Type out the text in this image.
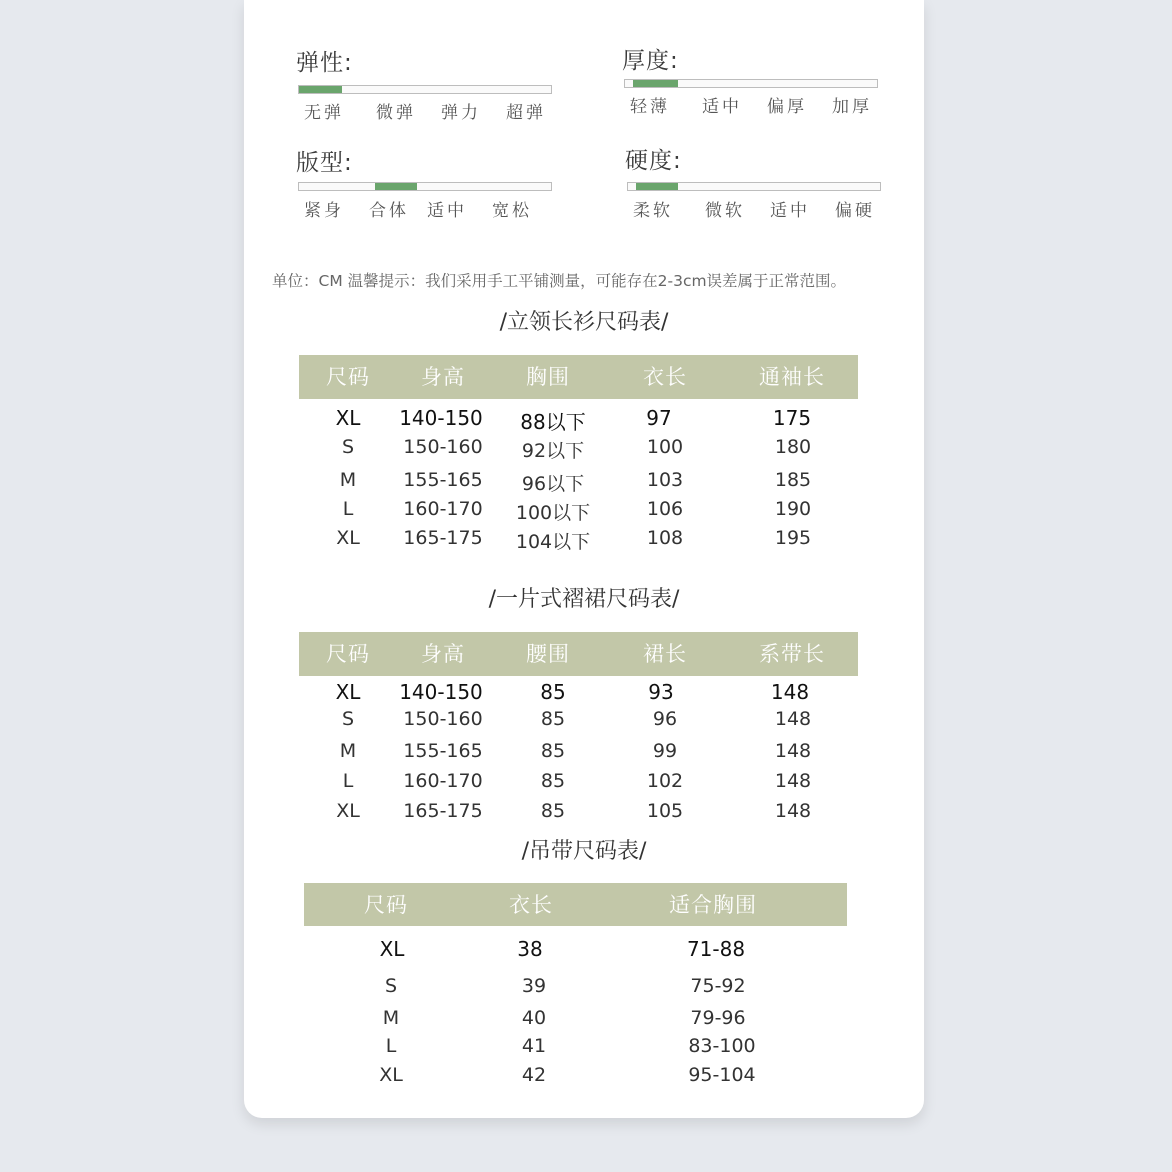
弹性:
无弹 微弹 弹力 超弹
厚度:
轻薄 适中 偏厚 加厚
版型:
紧身 合体 适中 宽松
硬度:
柔软 微软 适中 偏硬
单位：CM 温馨提示：我们采用手工平铺测量，可能存在2-3cm误差属于正常范围。
/立领长衫尺码表/
尺码 身高	胸围	衣长	通袖长
XL 140-150 88以下	97	175
S	150-160 92以下	100	180
M 155-165 96以下	103	185
L	160-170 100以下	106	190
XL 165-175 104以下	108	195
/一片式褶裙尺码表/
尺码 身高	腰围	裙长	系带长
XL 140-150	85	93	148
S	150-160	85	96	148
M 155-165	85	99	148
L	160-170	85	102	148
XL 165-175	85	105	148
/吊带尺码表/
尺码	衣长	适合胸围
XL	38	71-88
S	39	75-92
M	40	79-96
L	41	83-100
XL	42	95-104
